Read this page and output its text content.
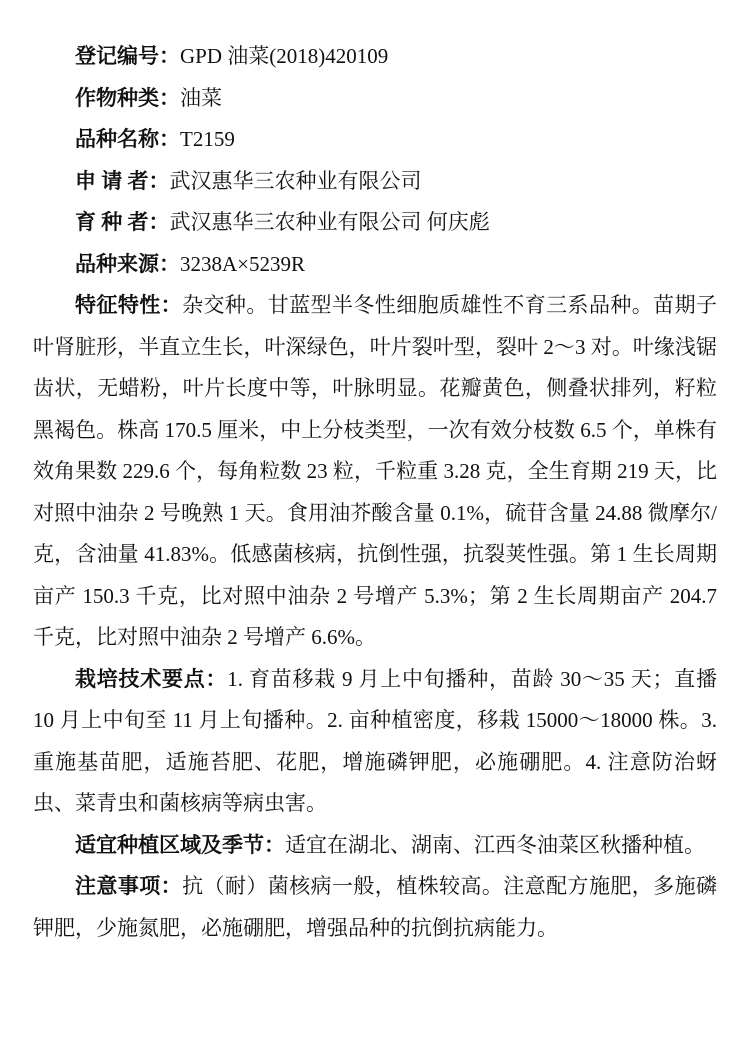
登记编号：GPD 油菜(2018)420109
作物种类：油菜
品种名称：T2159
申 请 者：武汉惠华三农种业有限公司
育 种 者：武汉惠华三农种业有限公司 何庆彪
品种来源：3238A×5239R

特征特性：杂交种。甘蓝型半冬性细胞质雄性不育三系品种。苗期子叶肾脏形，半直立生长，叶深绿色，叶片裂叶型，裂叶 2～3 对。叶缘浅锯齿状，无蜡粉，叶片长度中等，叶脉明显。花瓣黄色，侧叠状排列，籽粒黑褐色。株高 170.5 厘米，中上分枝类型，一次有效分枝数 6.5 个，单株有效角果数 229.6 个，每角粒数 23 粒，千粒重 3.28 克，全生育期 219 天，比对照中油杂 2 号晚熟 1 天。食用油芥酸含量 0.1%，硫苷含量 24.88 微摩尔/克，含油量 41.83%。低感菌核病，抗倒性强，抗裂荚性强。第 1 生长周期亩产 150.3 千克，比对照中油杂 2 号增产 5.3%；第 2 生长周期亩产 204.7 千克，比对照中油杂 2 号增产 6.6%。

栽培技术要点：1. 育苗移栽 9 月上中旬播种，苗龄 30～35 天；直播 10 月上中旬至 11 月上旬播种。2. 亩种植密度，移栽 15000～18000 株。3. 重施基苗肥，适施苔肥、花肥，增施磷钾肥，必施硼肥。4. 注意防治蚜虫、菜青虫和菌核病等病虫害。

适宜种植区域及季节：适宜在湖北、湖南、江西冬油菜区秋播种植。

注意事项：抗（耐）菌核病一般，植株较高。注意配方施肥，多施磷钾肥，少施氮肥，必施硼肥，增强品种的抗倒抗病能力。
